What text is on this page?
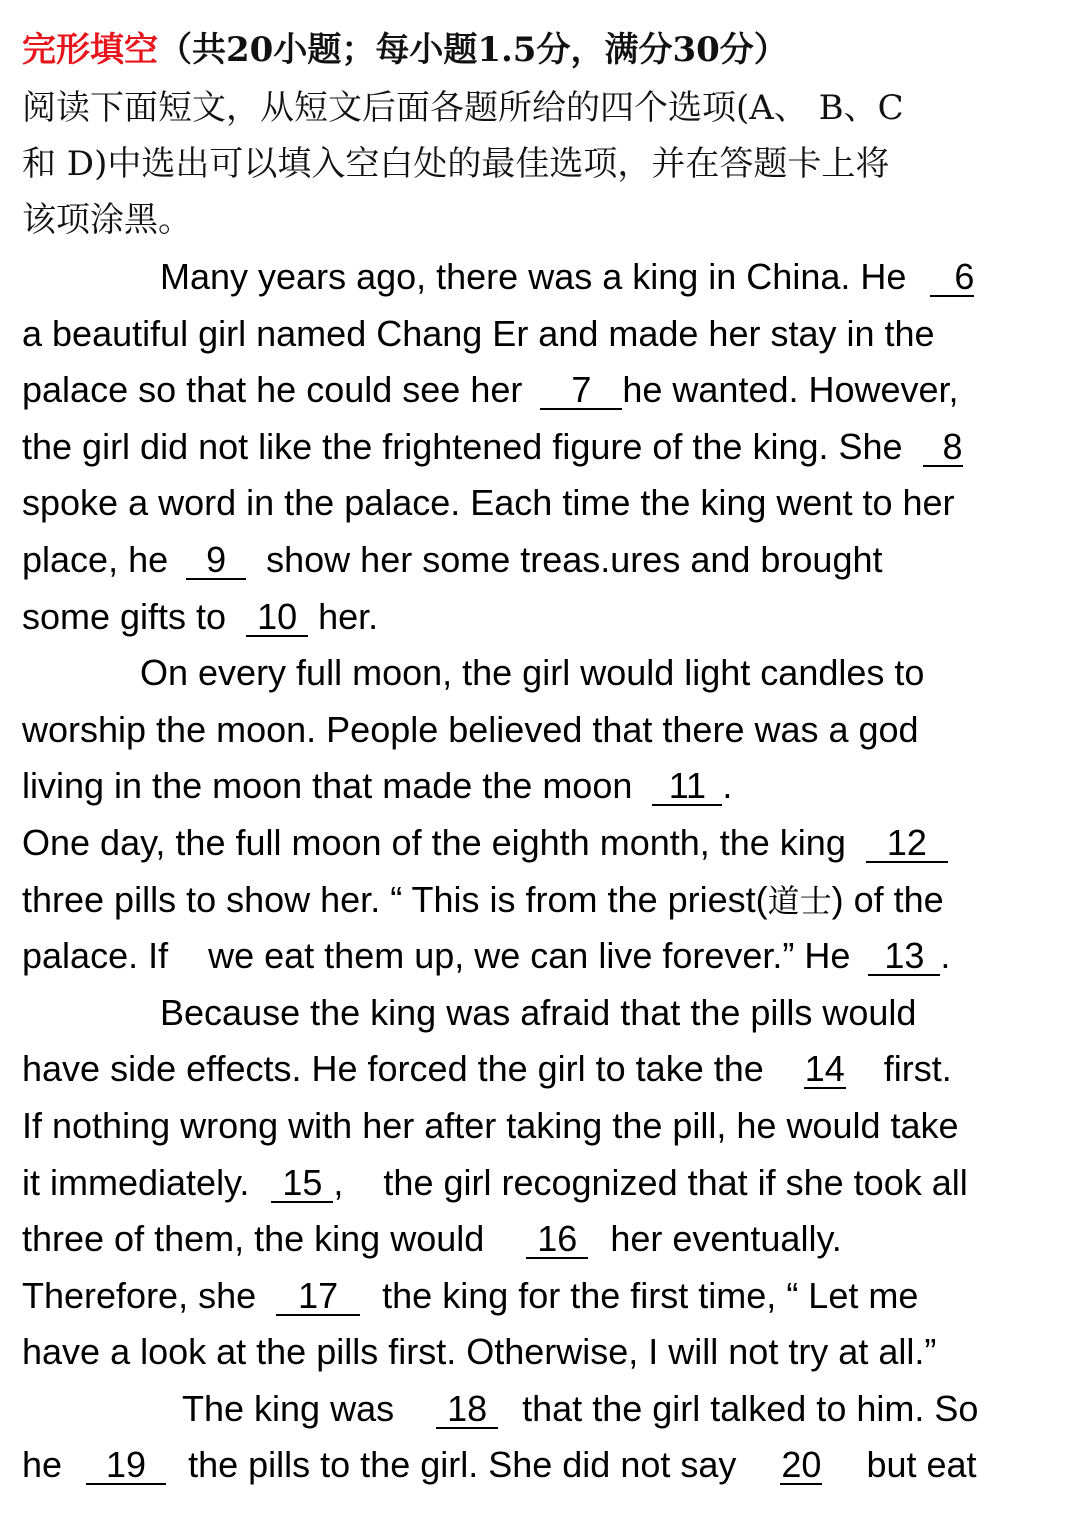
完形填空（共20小题；每小题1.5分，满分30分）
阅读下面短文，从短文后面各题所给的四个选项(A、 B、C
和 D)中选出可以填入空白处的最佳选项，并在答题卡上将
该项涂黑。
Many years ago, there was a king in China. He 6
a beautiful girl named Chang Er and made her stay in the
palace so that he could see her 7 he wanted. However,
the girl did not like the frightened figure of the king. She 8
spoke a word in the palace. Each time the king went to her
place, he 9 show her some treas.ures and brought
some gifts to 10 her.
On every full moon, the girl would light candles to
worship the moon. People believed that there was a god
living in the moon that made the moon 11 .
One day, the full moon of the eighth month, the king 12
three pills to show her. “ This is from the priest(道士) of the
palace. If    we eat them up, we can live forever.” He 13 .
Because the king was afraid that the pills would
have side effects. He forced the girl to take the 14 first.
If nothing wrong with her after taking the pill, he would take
it immediately. 15 ,    the girl recognized that if she took all
three of them, the king would 16 her eventually.
Therefore, she 17 the king for the first time, “ Let me
have a look at the pills first. Otherwise, I will not try at all.”
The king was 18 that the girl talked to him. So
he 19 the pills to the girl. She did not say 20 but eat
